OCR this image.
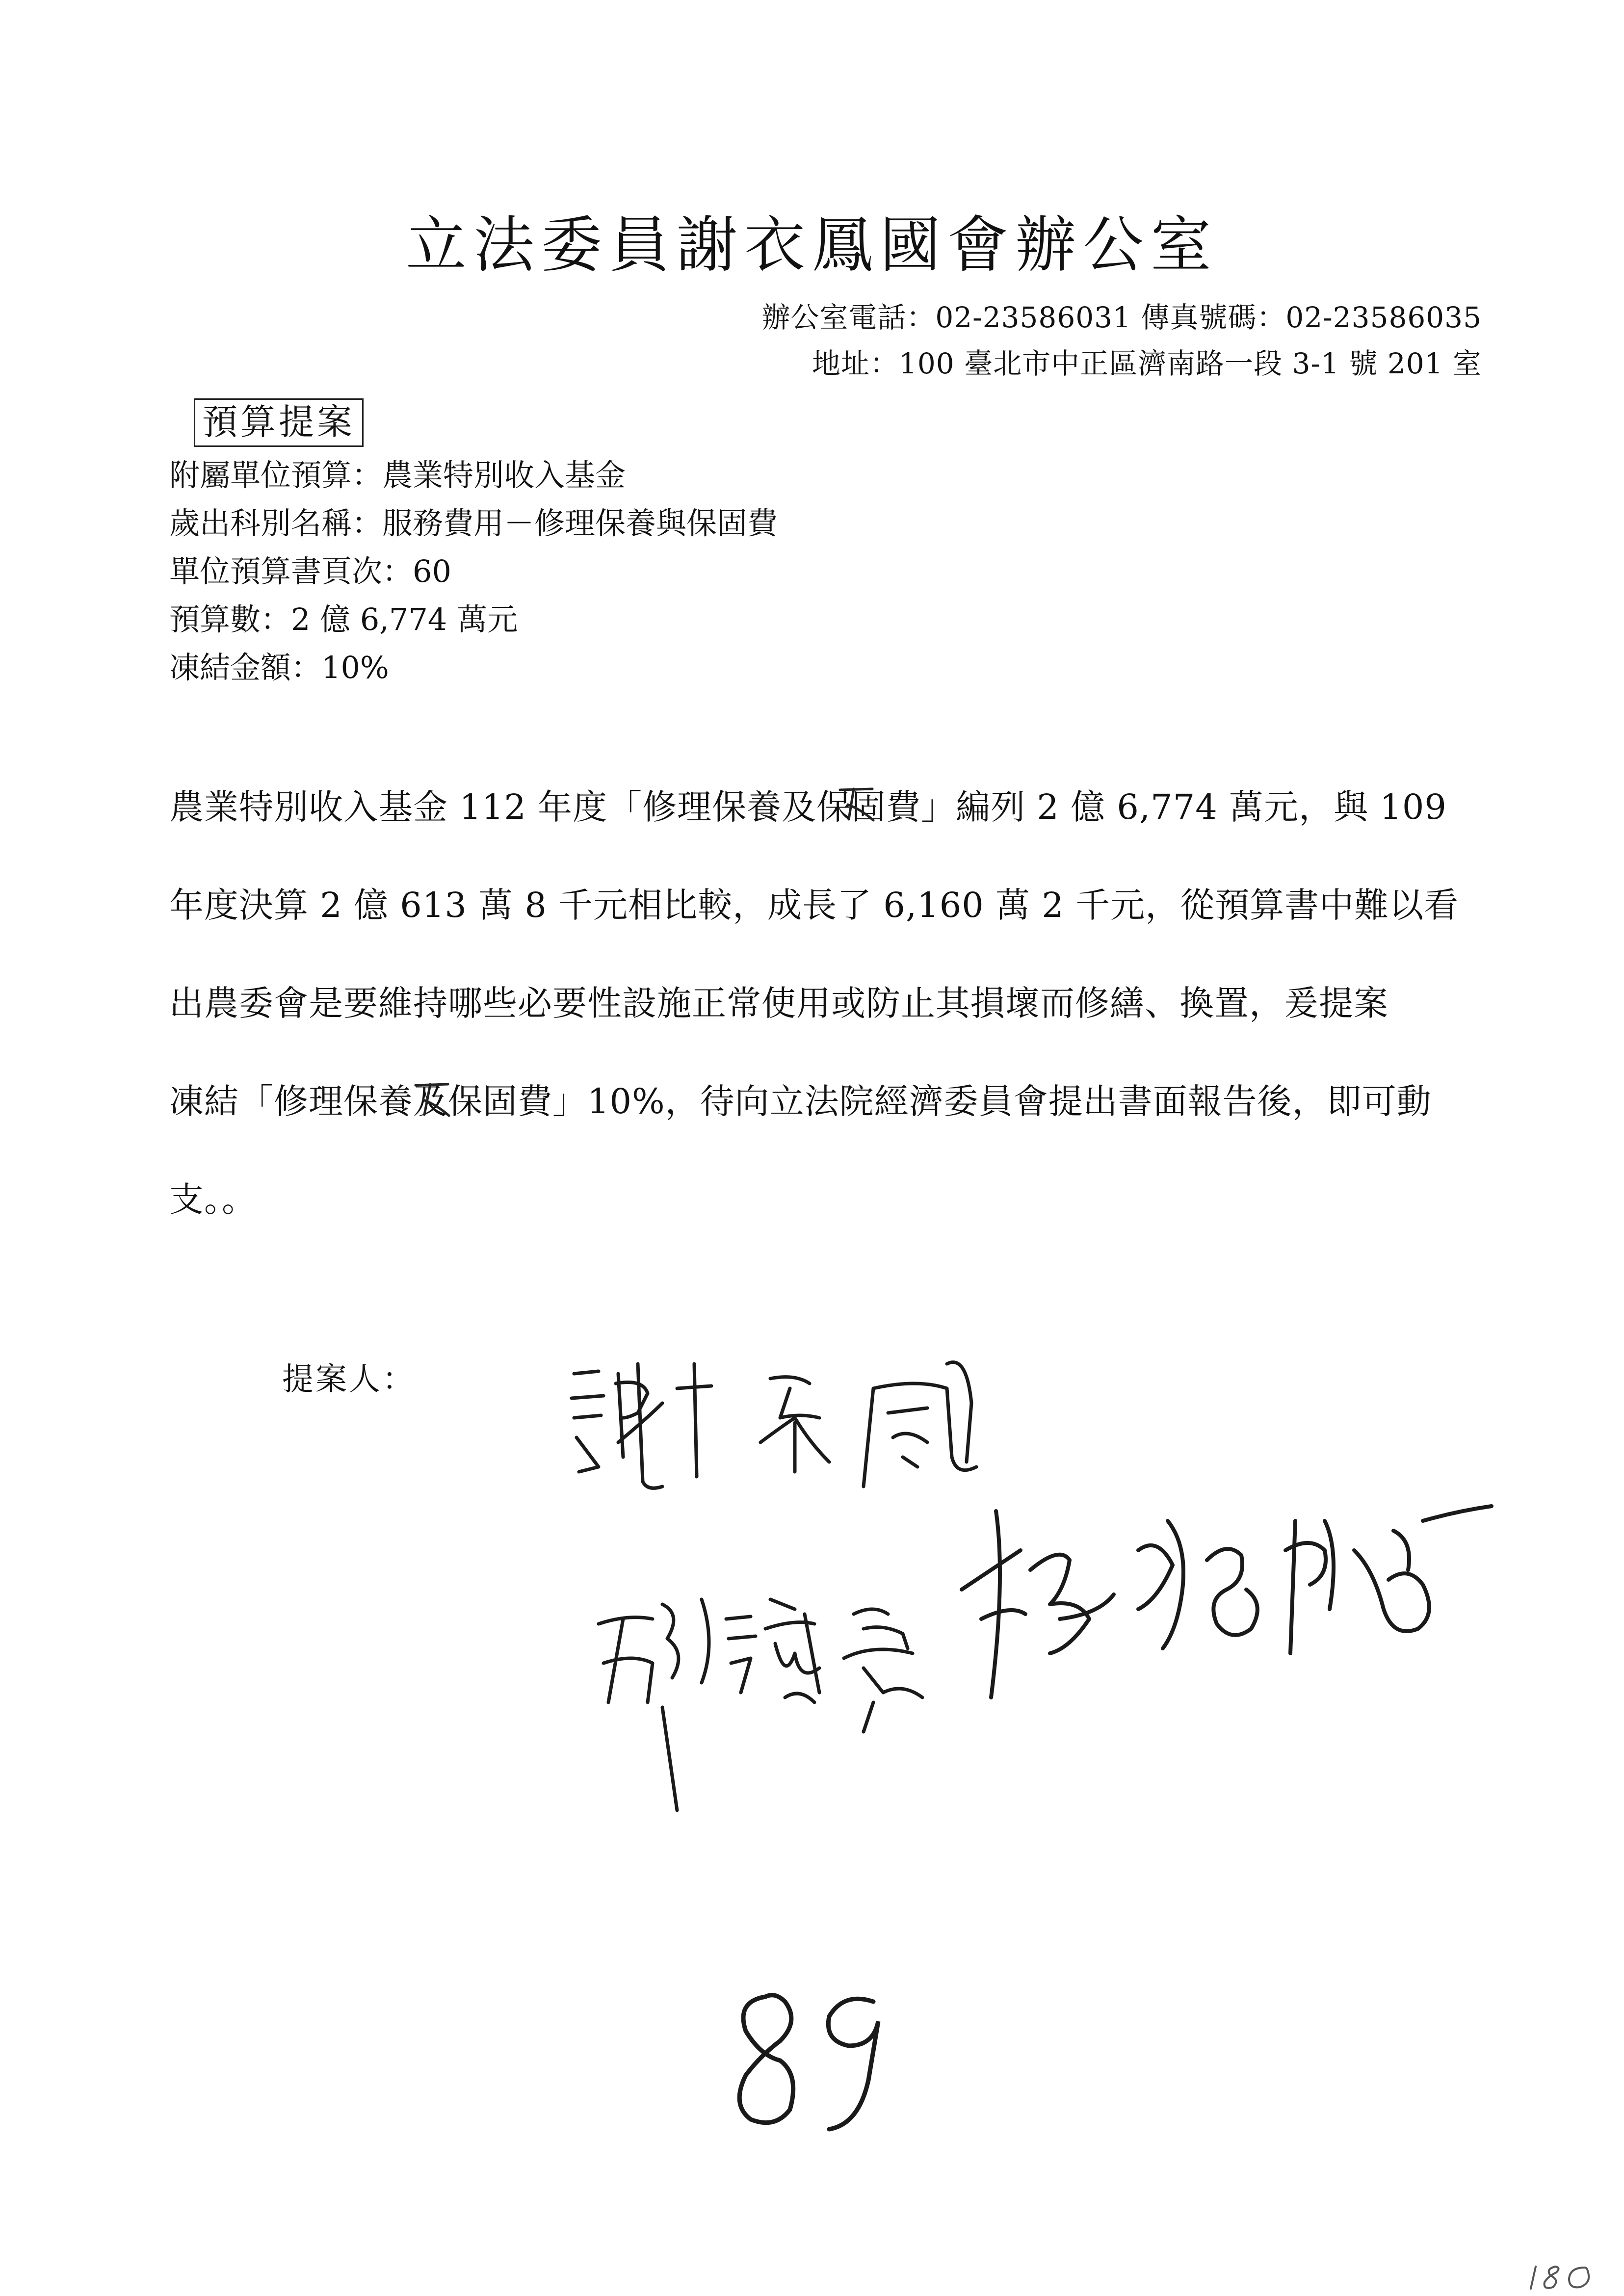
立法委員謝衣鳳國會辦公室
辦公室電話：02-23586031 傳真號碼：02-23586035
地址：100 臺北市中正區濟南路一段 3-1 號 201 室
預算提案
附屬單位預算：農業特別收入基金
歲出科別名稱：服務費用－修理保養與保固費
單位預算書頁次：60
預算數：2 億 6,774 萬元
凍結金額：10%
農業特別收入基金 112 年度「修理保養及保固費」編列 2 億 6,774 萬元，與 109
年度決算 2 億 613 萬 8 千元相比較，成長了 6,160 萬 2 千元，從預算書中難以看
出農委會是要維持哪些必要性設施正常使用或防止其損壞而修繕、換置，爰提案
凍結「修理保養及保固費」10%，待向立法院經濟委員會提出書面報告後，即可動
支。。
提案人：
